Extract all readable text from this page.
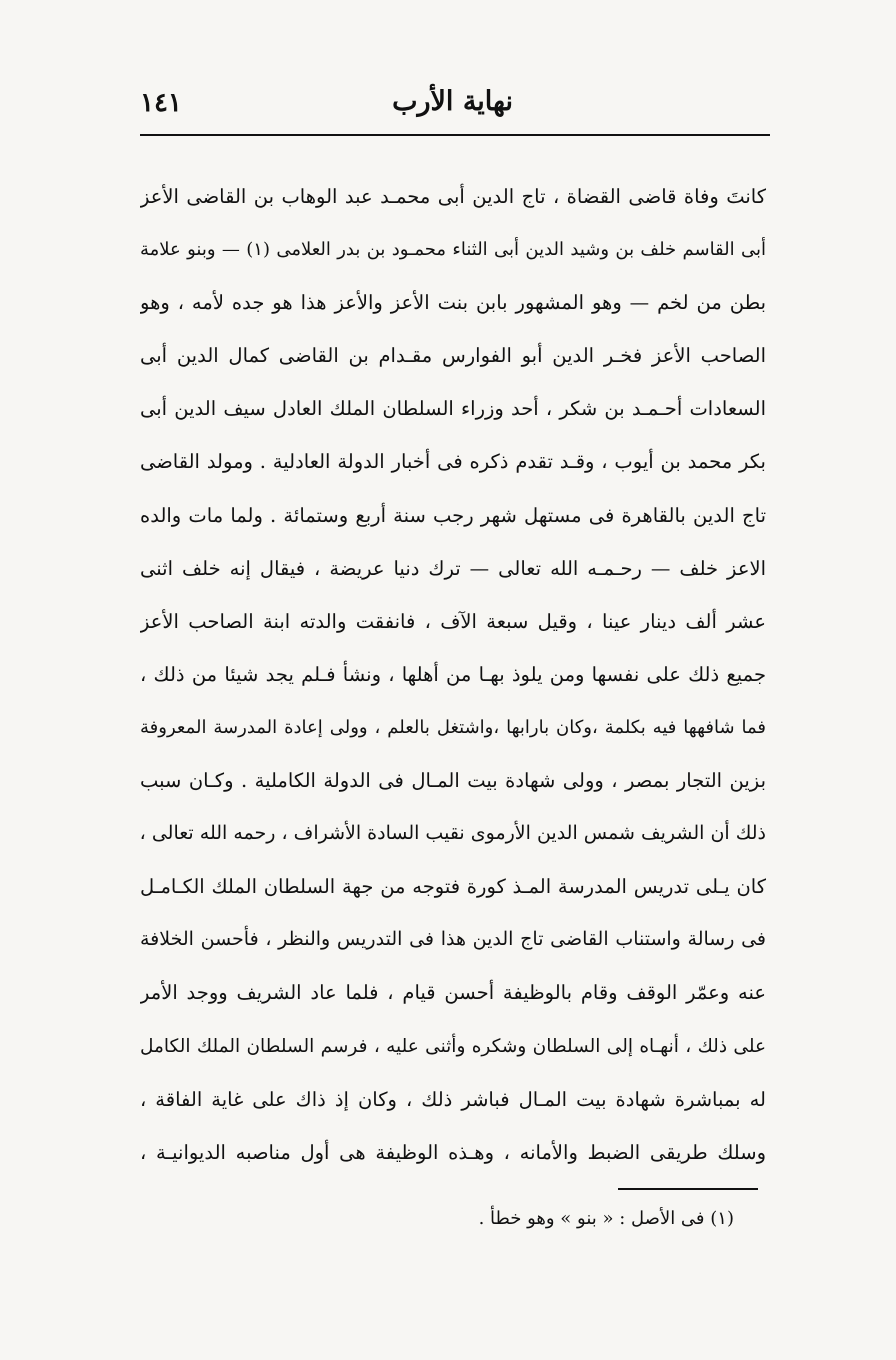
نهاية الأرب
١٤١
كانتَ وفاة قاضى القضاة ، تاج الدين أبى محمـد عبد الوهاب بن القاضى الأعز
أبى القاسم خلف بن وشيد الدين أبى الثناء محمـود بن بدر العلامى (١) — وبنو علامة
بطن من لخم — وهو المشهور بابن بنت الأعز والأعز هذا هو جده لأمه ، وهو
الصاحب الأعز فخـر الدين أبو الفوارس مقـدام بن القاضى كمال الدين أبى
السعادات أحـمـد بن شكر ، أحد وزراء السلطان الملك العادل سيف الدين أبى
بكر محمد بن أيوب ، وقـد تقدم ذكره فى أخبار الدولة العادلية . ومولد القاضى
تاج الدين بالقاهرة فى مستهل شهر رجب سنة أربع وستمائة . ولما مات والده
الاعز خلف — رحـمـه الله تعالى — ترك دنيا عريضة ، فيقال إنه خلف اثنى
عشر ألف دينار عينا ، وقيل سبعة الآف ، فانفقت والدته ابنة الصاحب الأعز
جميع ذلك على نفسها ومن يلوذ بهـا من أهلها ، ونشأ فـلم يجد شيئا من ذلك ،
فما شافهها فيه بكلمة ،وكان بارابها ،واشتغل بالعلم ، وولى إعادة المدرسة المعروفة
بزين التجار بمصر ، وولى شهادة بيت المـال فى الدولة الكاملية . وكـان سبب
ذلك أن الشريف شمس الدين الأرموى نقيب السادة الأشراف ، رحمه الله تعالى ،
كان يـلى تدريس المدرسة المـذ كورة فتوجه من جهة السلطان الملك الكـامـل
فى رسالة واستناب القاضى تاج الدين هذا فى التدريس والنظر ، فأحسن الخلافة
عنه وعمّر الوقف وقام بالوظيفة أحسن قيام ، فلما عاد الشريف ووجد الأمر
على ذلك ، أنهـاه إلى السلطان وشكره وأثنى عليه ، فرسم السلطان الملك الكامل
له بمباشرة شهادة بيت المـال فباشر ذلك ، وكان إذ ذاك على غاية الفاقة ،
وسلك طريقى الضبط والأمانه ، وهـذه الوظيفة هى أول مناصبه الديوانيـة ،
(١) فى الأصل : « بنو » وهو خطأ .
